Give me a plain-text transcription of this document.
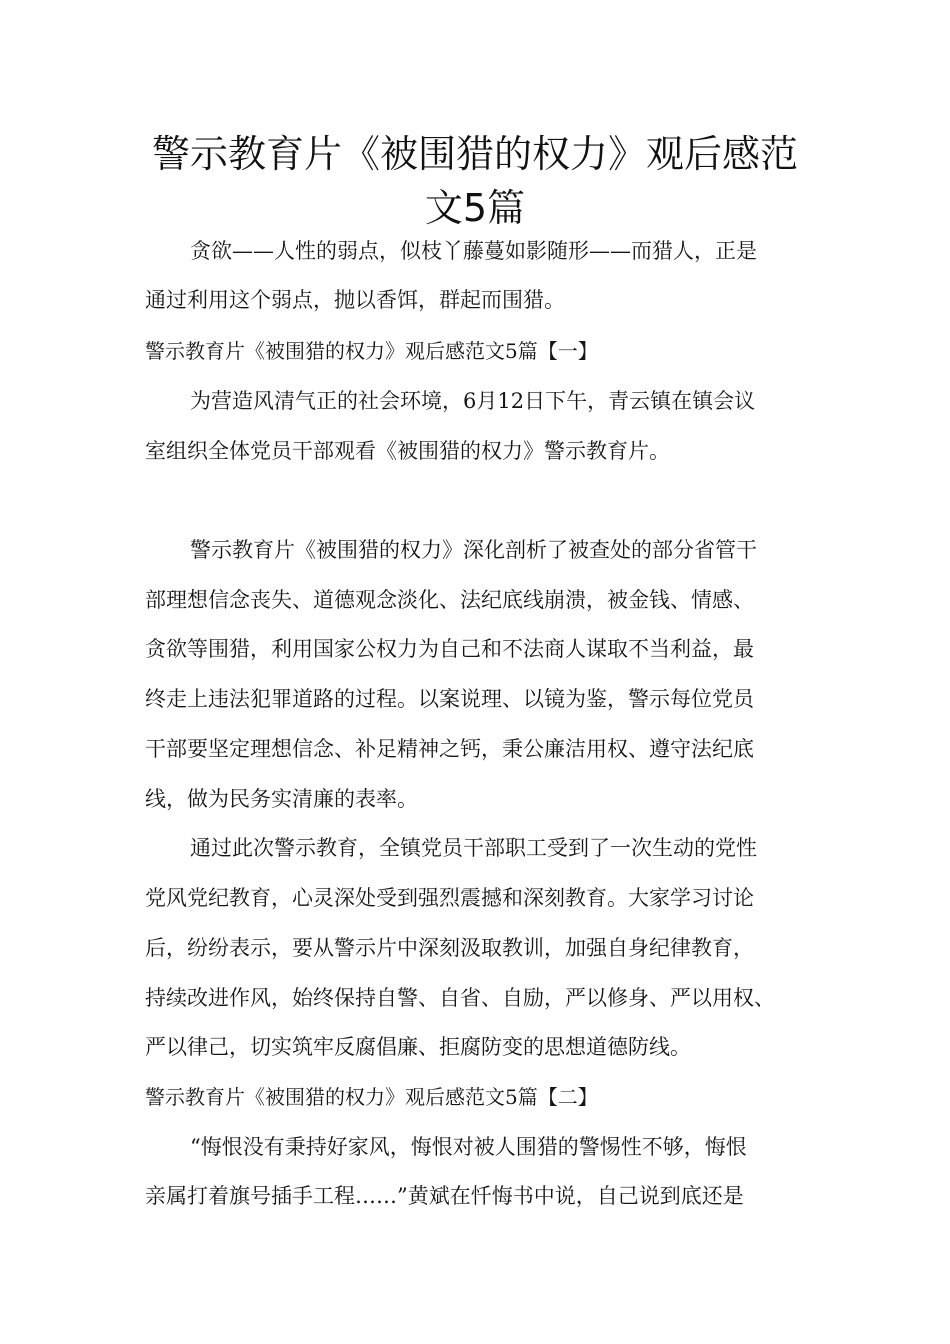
警示教育片《被围猎的权力》观后感范
文5篇
贪欲——人性的弱点，似枝丫藤蔓如影随形——而猎人，正是
通过利用这个弱点，抛以香饵，群起而围猎。
警示教育片《被围猎的权力》观后感范文5篇【一】
为营造风清气正的社会环境，6月12日下午，青云镇在镇会议
室组织全体党员干部观看《被围猎的权力》警示教育片。
警示教育片《被围猎的权力》深化剖析了被查处的部分省管干
部理想信念丧失、道德观念淡化、法纪底线崩溃，被金钱、情感、
贪欲等围猎，利用国家公权力为自己和不法商人谋取不当利益，最
终走上违法犯罪道路的过程。以案说理、以镜为鉴，警示每位党员
干部要坚定理想信念、补足精神之钙，秉公廉洁用权、遵守法纪底
线，做为民务实清廉的表率。
通过此次警示教育，全镇党员干部职工受到了一次生动的党性
党风党纪教育，心灵深处受到强烈震撼和深刻教育。大家学习讨论
后，纷纷表示，要从警示片中深刻汲取教训，加强自身纪律教育，
持续改进作风，始终保持自警、自省、自励，严以修身、严以用权、
严以律己，切实筑牢反腐倡廉、拒腐防变的思想道德防线。
警示教育片《被围猎的权力》观后感范文5篇【二】
“悔恨没有秉持好家风，悔恨对被人围猎的警惕性不够，悔恨
亲属打着旗号插手工程……”黄斌在忏悔书中说，自己说到底还是
